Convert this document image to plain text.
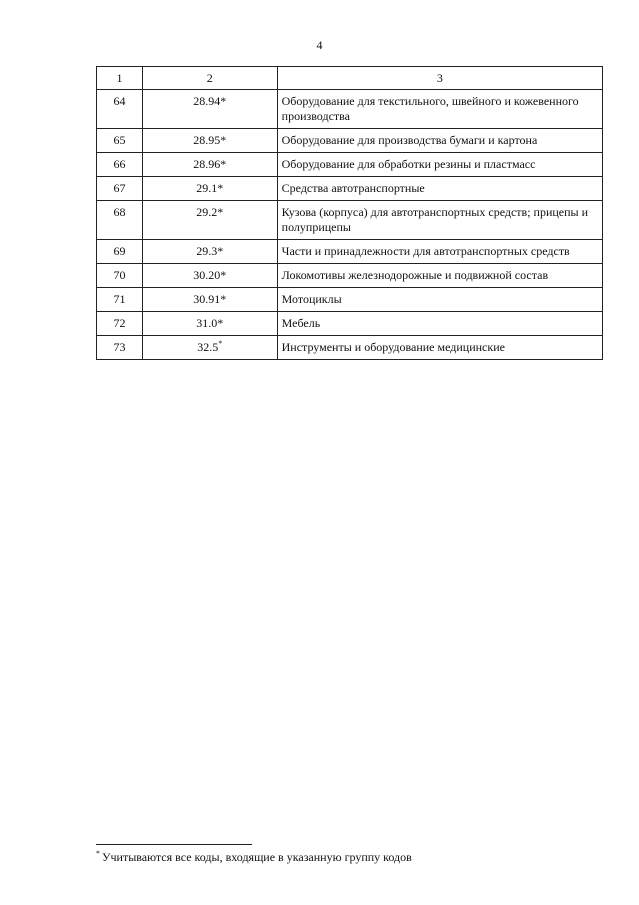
4
1	2	3
64	28.94*	Оборудование для текстильного, швейного и кожевенного производства
65	28.95*	Оборудование для производства бумаги и картона
66	28.96*	Оборудование для обработки резины и пластмасс
67	29.1*	Средства автотранспортные
68	29.2*	Кузова (корпуса) для автотранспортных средств; прицепы и полуприцепы
69	29.3*	Части и принадлежности для автотранспортных средств
70	30.20*	Локомотивы железнодорожные и подвижной состав
71	30.91*	Мотоциклы
72	31.0*	Мебель
73	32.5*	Инструменты и оборудование медицинские
* Учитываются все коды, входящие в указанную группу кодов
